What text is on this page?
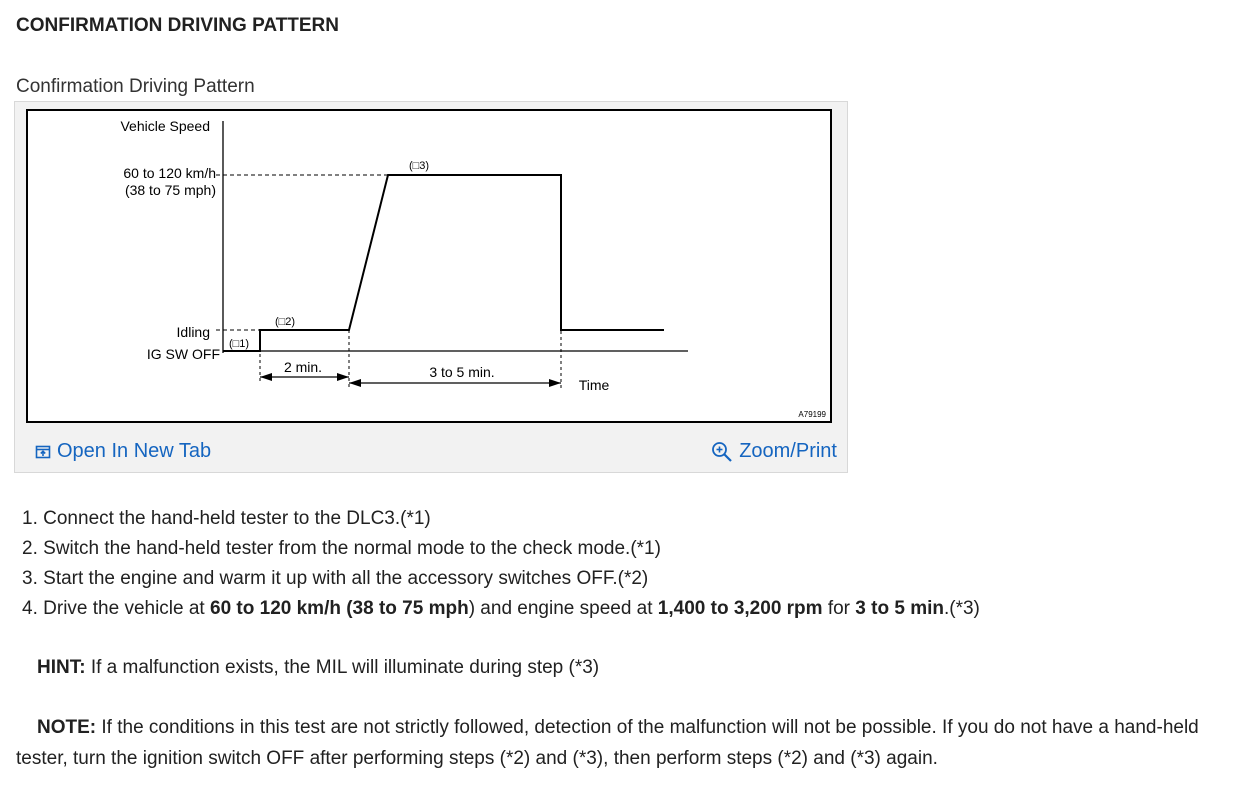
CONFIRMATION DRIVING PATTERN
Confirmation Driving Pattern
Vehicle Speed
60 to 120 km/h
(38 to 75 mph)
Idling
IG SW OFF
(□1)
(□2)
(□3)
2 min.	3 to 5 min.
Time
A79199
Open In New Tab	Zoom/Print
1. Connect the hand-held tester to the DLC3.(*1)
2. Switch the hand-held tester from the normal mode to the check mode.(*1)
3. Start the engine and warm it up with all the accessory switches OFF.(*2)
4. Drive the vehicle at 60 to 120 km/h (38 to 75 mph) and engine speed at 1,400 to 3,200 rpm for 3 to 5 min.(*3)
HINT: If a malfunction exists, the MIL will illuminate during step (*3)
NOTE: If the conditions in this test are not strictly followed, detection of the malfunction will not be possible. If you do not have a hand-held tester, turn the ignition switch OFF after performing steps (*2) and (*3), then perform steps (*2) and (*3) again.
